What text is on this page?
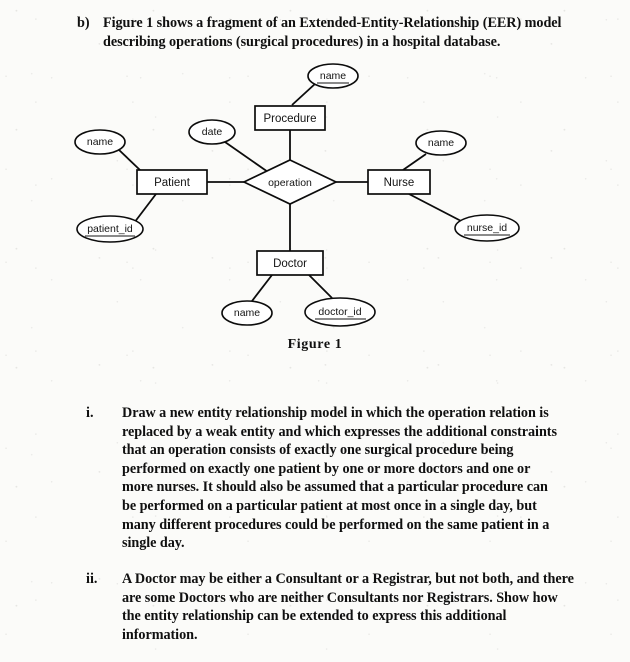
b) Figure 1 shows a fragment of an Extended-Entity-Relationship (EER) model describing operations (surgical procedures) in a hospital database.
Procedure
Patient	Nurse
Doctor
operation
name
date
name
patient_id
name
nurse_id
name	doctor_id
Figure 1
i.	Draw a new entity relationship model in which the operation relation is replaced by a weak entity and which expresses the additional constraints that an operation consists of exactly one surgical procedure being performed on exactly one patient by one or more doctors and one or more nurses. It should also be assumed that a particular procedure can be performed on a particular patient at most once in a single day, but many different procedures could be performed on the same patient in a single day.
ii.	A Doctor may be either a Consultant or a Registrar, but not both, and there are some Doctors who are neither Consultants nor Registrars. Show how the entity relationship can be extended to express this additional information.
